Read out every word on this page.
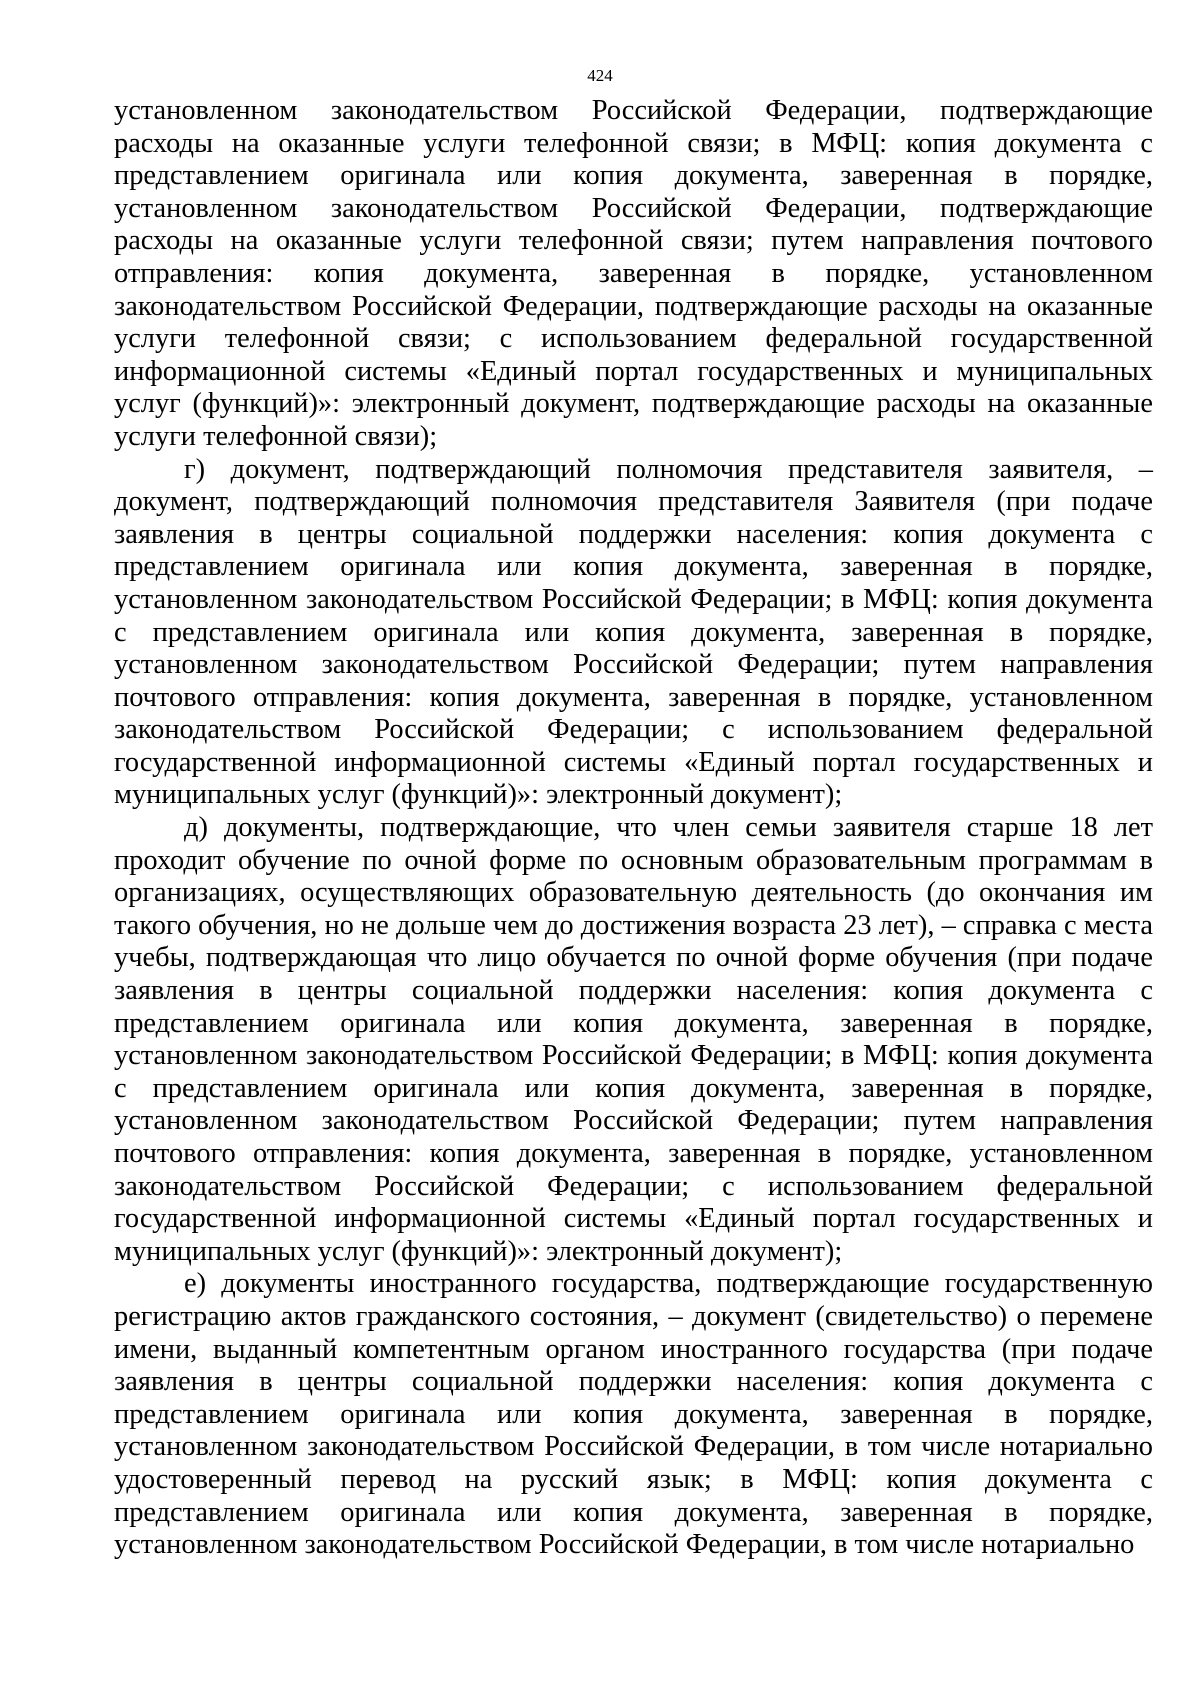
424

установленном законодательством Российской Федерации, подтверждающие расходы на оказанные услуги телефонной связи; в МФЦ: копия документа с представлением оригинала или копия документа, заверенная в порядке, установленном законодательством Российской Федерации, подтверждающие расходы на оказанные услуги телефонной связи; путем направления почтового отправления: копия документа, заверенная в порядке, установленном законодательством Российской Федерации, подтверждающие расходы на оказанные услуги телефонной связи; с использованием федеральной государственной информационной системы «Единый портал государственных и муниципальных услуг (функций)»: электронный документ, подтверждающие расходы на оказанные услуги телефонной связи);

г) документ, подтверждающий полномочия представителя заявителя, – документ, подтверждающий полномочия представителя Заявителя (при подаче заявления в центры социальной поддержки населения: копия документа с представлением оригинала или копия документа, заверенная в порядке, установленном законодательством Российской Федерации; в МФЦ: копия документа с представлением оригинала или копия документа, заверенная в порядке, установленном законодательством Российской Федерации; путем направления почтового отправления: копия документа, заверенная в порядке, установленном законодательством Российской Федерации; с использованием федеральной государственной информационной системы «Единый портал государственных и муниципальных услуг (функций)»: электронный документ);

д) документы, подтверждающие, что член семьи заявителя старше 18 лет проходит обучение по очной форме по основным образовательным программам в организациях, осуществляющих образовательную деятельность (до окончания им такого обучения, но не дольше чем до достижения возраста 23 лет), – справка с места учебы, подтверждающая что лицо обучается по очной форме обучения (при подаче заявления в центры социальной поддержки населения: копия документа с представлением оригинала или копия документа, заверенная в порядке, установленном законодательством Российской Федерации; в МФЦ: копия документа с представлением оригинала или копия документа, заверенная в порядке, установленном законодательством Российской Федерации; путем направления почтового отправления: копия документа, заверенная в порядке, установленном законодательством Российской Федерации; с использованием федеральной государственной информационной системы «Единый портал государственных и муниципальных услуг (функций)»: электронный документ);

е) документы иностранного государства, подтверждающие государственную регистрацию актов гражданского состояния, – документ (свидетельство) о перемене имени, выданный компетентным органом иностранного государства (при подаче заявления в центры социальной поддержки населения: копия документа с представлением оригинала или копия документа, заверенная в порядке, установленном законодательством Российской Федерации, в том числе нотариально удостоверенный перевод на русский язык; в МФЦ: копия документа с представлением оригинала или копия документа, заверенная в порядке, установленном законодательством Российской Федерации, в том числе нотариально
